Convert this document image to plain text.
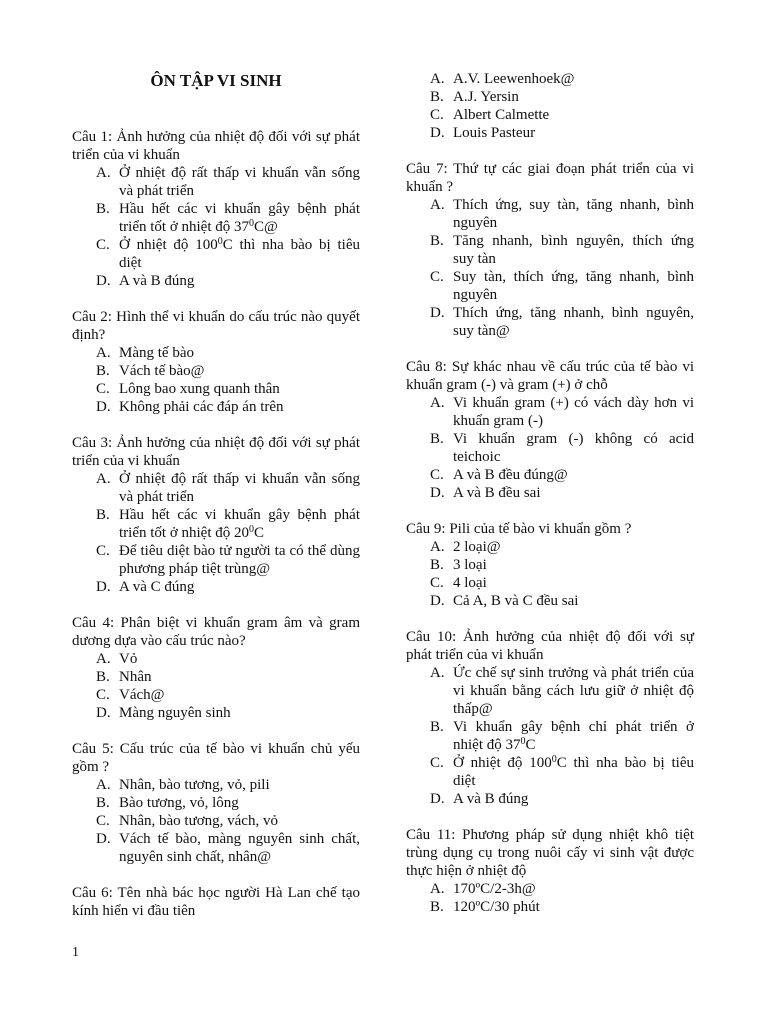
ÔN TẬP VI SINH
Câu 1: Ảnh hưởng của nhiệt độ đối với sự phát triển của vi khuẩn
A. Ở nhiệt độ rất thấp vi khuẩn vẫn sống và phát triển
B. Hầu hết các vi khuẩn gây bệnh phát triển tốt ở nhiệt độ $37^0C@$
C. Ở nhiệt độ $100^0C$ thì nha bào bị tiêu diệt
D. A và B đúng
Câu 2: Hình thể vi khuẩn do cấu trúc nào quyết định?
A. Màng tế bào
B. Vách tế bào@
C. Lông bao xung quanh thân
D. Không phải các đáp án trên
Câu 3: Ảnh hưởng của nhiệt độ đối với sự phát triển của vi khuẩn
A. Ở nhiệt độ rất thấp vi khuẩn vẫn sống và phát triển
B. Hầu hết các vi khuẩn gây bệnh phát triển tốt ở nhiệt độ $20^0C$
C. Để tiêu diệt bào tử người ta có thể dùng phương pháp tiệt trùng@
D. A và C đúng
Câu 4: Phân biệt vi khuẩn gram âm và gram dương dựa vào cấu trúc nào?
A. Vỏ
B. Nhân
C. Vách@
D. Màng nguyên sinh
Câu 5: Cấu trúc của tế bào vi khuẩn chủ yếu gồm ?
A. Nhân, bào tương, vỏ, pili
B. Bào tương, vỏ, lông
C. Nhân, bào tương, vách, vỏ
D. Vách tế bào, màng nguyên sinh chất, nguyên sinh chất, nhân@
Câu 6: Tên nhà bác học người Hà Lan chế tạo kính hiển vi đầu tiên
A. A.V. Leewenhoek@
B. A.J. Yersin
C. Albert Calmette
D. Louis Pasteur
Câu 7: Thứ tự các giai đoạn phát triển của vi khuẩn ?
A. Thích ứng, suy tàn, tăng nhanh, bình nguyên
B. Tăng nhanh, bình nguyên, thích ứng suy tàn
C. Suy tàn, thích ứng, tăng nhanh, bình nguyên
D. Thích ứng, tăng nhanh, bình nguyên, suy tàn@
Câu 8: Sự khác nhau về cấu trúc của tế bào vi khuẩn gram (-) và gram (+) ở chỗ
A. Vi khuẩn gram (+) có vách dày hơn vi khuẩn gram (-)
B. Vi khuẩn gram (-) không có acid teichoic
C. A và B đều đúng@
D. A và B đều sai
Câu 9: Pili của tế bào vi khuẩn gồm ?
A. 2 loại@
B. 3 loại
C. 4 loại
D. Cả A, B và C đều sai
Câu 10: Ảnh hưởng của nhiệt độ đối với sự phát triển của vi khuẩn
A. Ức chế sự sinh trưởng và phát triển của vi khuẩn bằng cách lưu giữ ở nhiệt độ thấp@
B. Vi khuẩn gây bệnh chỉ phát triển ở nhiệt độ $37^0C$
C. Ở nhiệt độ $100^0C$ thì nha bào bị tiêu diệt
D. A và B đúng
Câu 11: Phương pháp sử dụng nhiệt khô tiệt trùng dụng cụ trong nuôi cấy vi sinh vật được thực hiện ở nhiệt độ
A. 170ºC/2-3h@
B. 120ºC/30 phút
1
